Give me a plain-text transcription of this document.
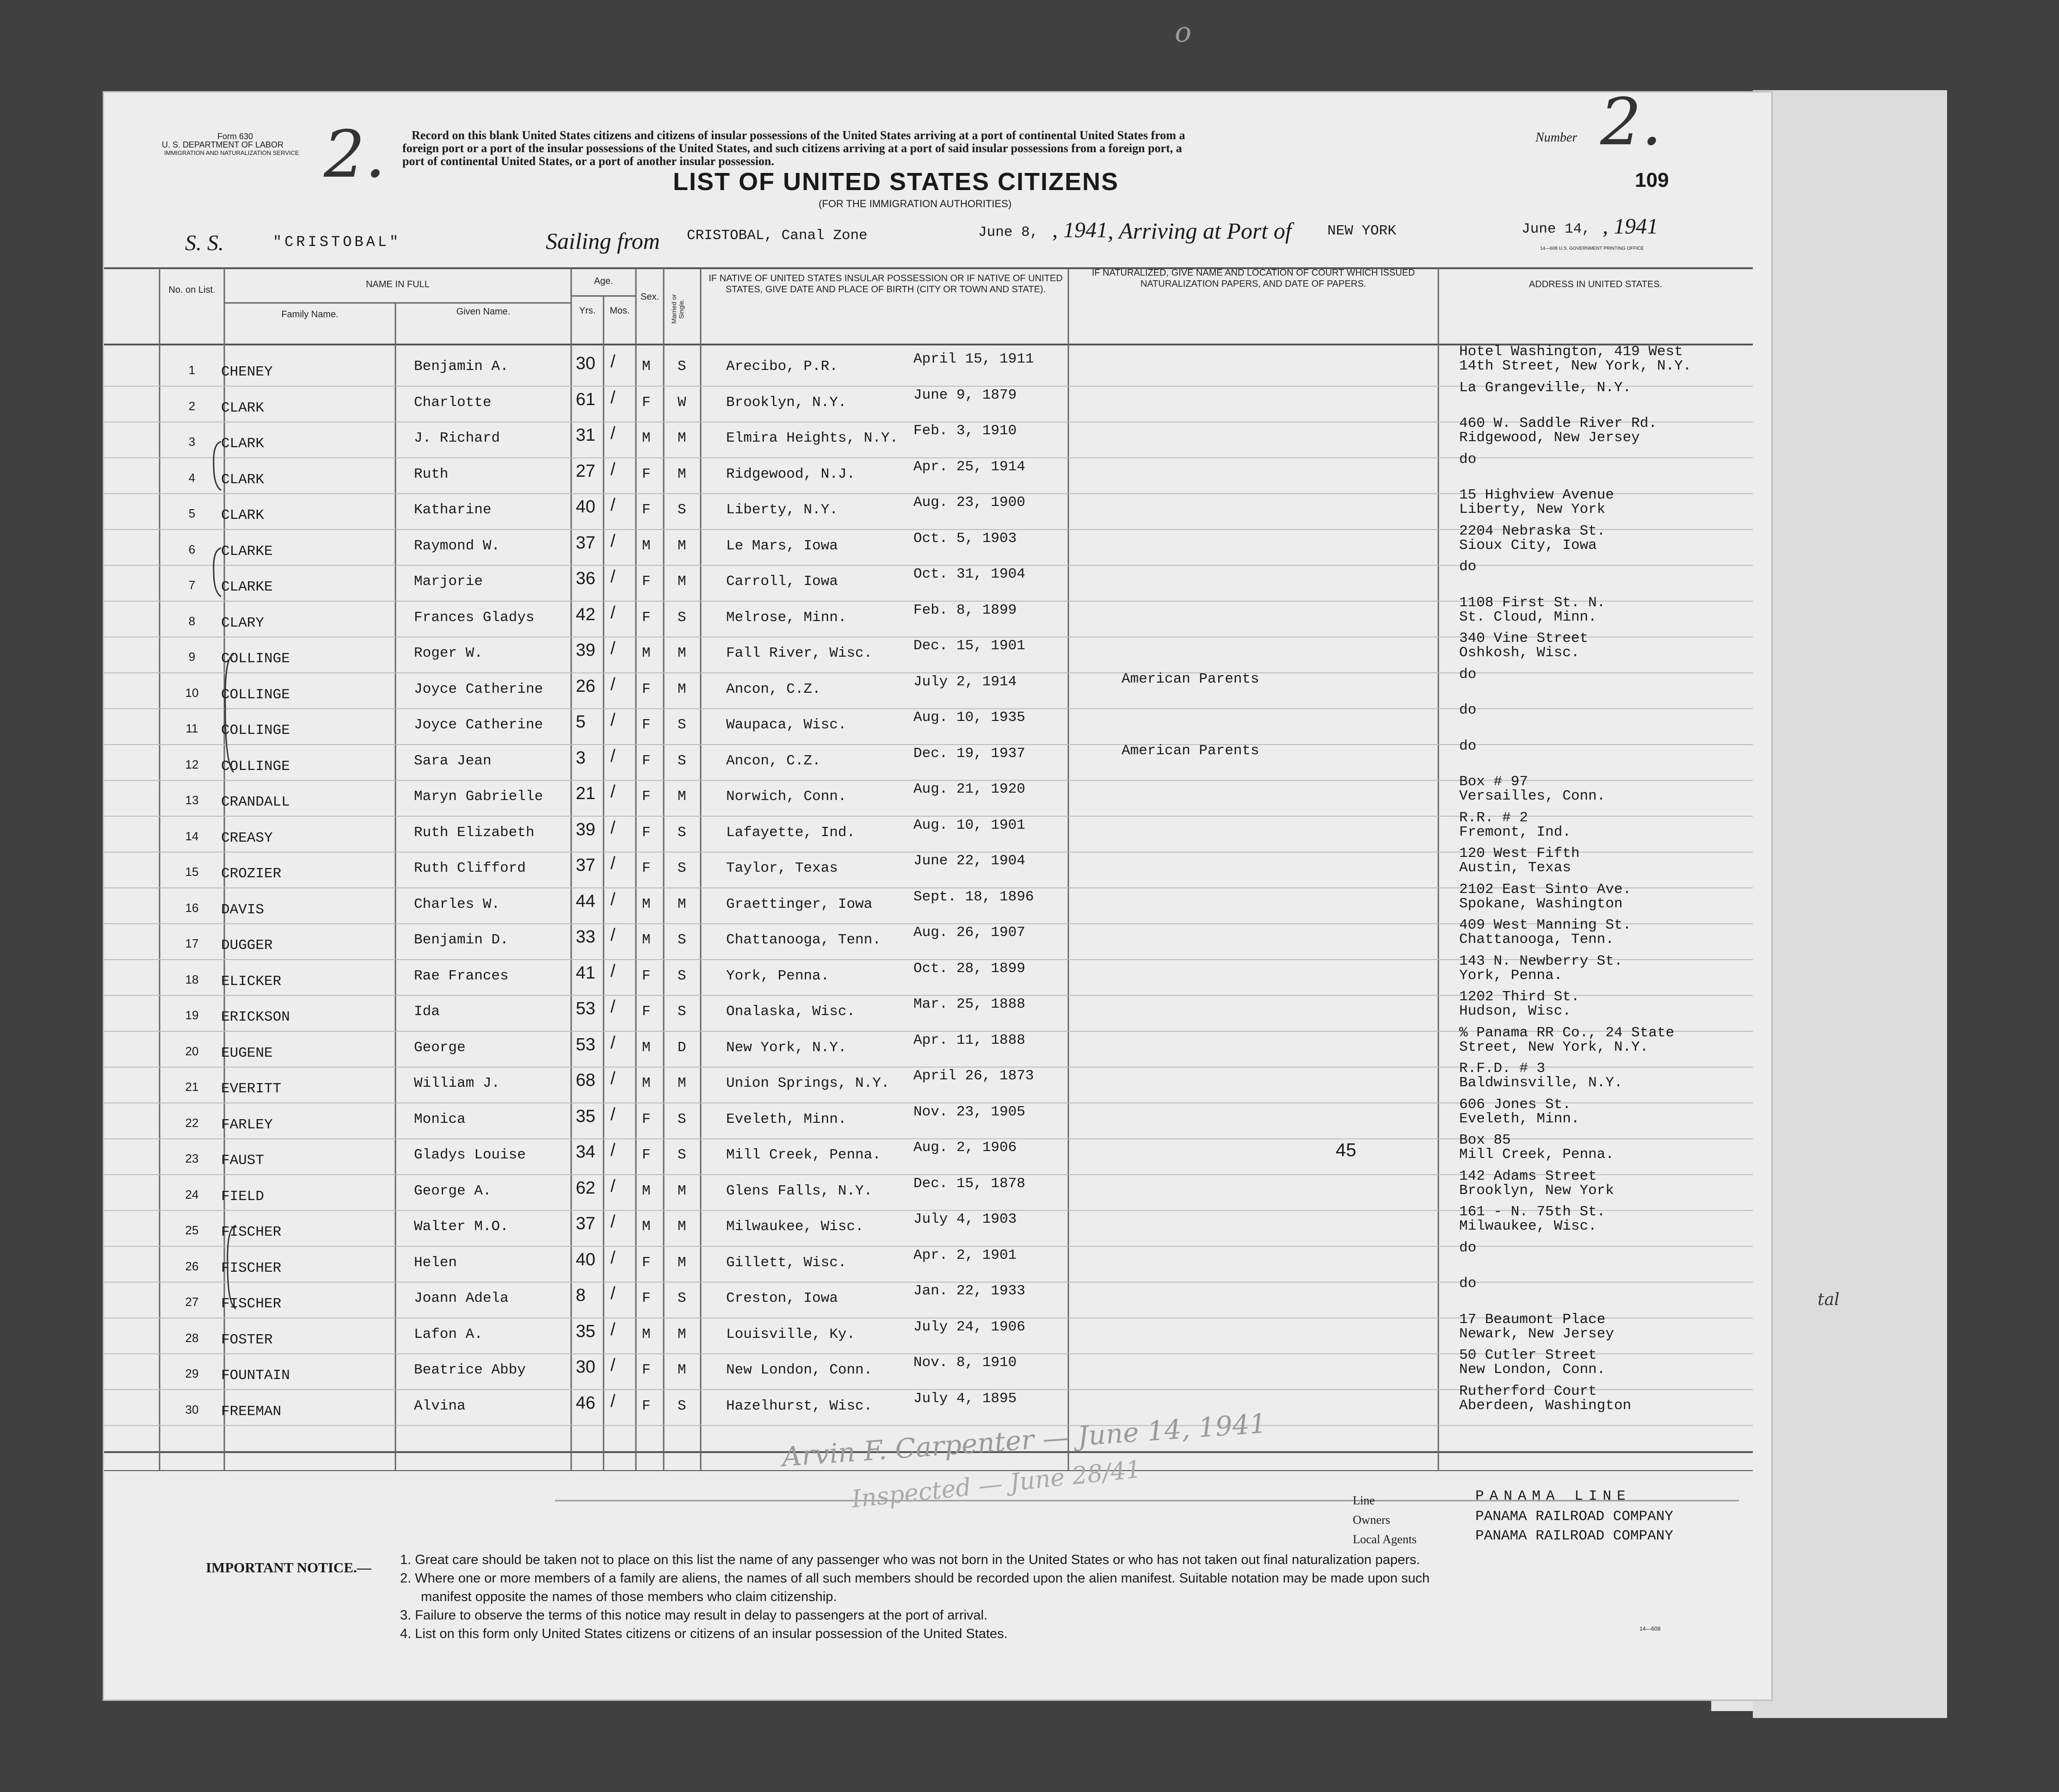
Form 630
U. S. DEPARTMENT OF LABOR
IMMIGRATION AND NATURALIZATION SERVICE 2. Record on this blank United States citizens and citizens of insular possessions of the United States arriving at a port of continental United States from a
foreign port or a port of the insular possessions of the United States, and such citizens arriving at a port of said insular possessions from a foreign port, a
port of continental United States, or a port of another insular possession.
Number 2.
o
LIST OF UNITED STATES CITIZENS
(FOR THE IMMIGRATION AUTHORITIES)
109
S. S.	"CRISTOBAL"	Sailing from CRISTOBAL, Canal Zone	June 8, , 1941 , Arriving at Port of NEW YORK	June 14, , 1941
14—608 U.S. GOVERNMENT PRINTING OFFICE
No. on List.
NAME IN FULL
Family Name.	Given Name.
Age.
Yrs.	Mos.
Sex.	Married or Single.
IF NATIVE OF UNITED STATES INSULAR POSSESSION OR IF NATIVE OF UNITED STATES, GIVE DATE AND PLACE OF BIRTH (CITY OR TOWN AND STATE).
IF NATURALIZED, GIVE NAME AND LOCATION OF COURT WHICH ISSUED NATURALIZATION PAPERS, AND DATE OF PAPERS.	ADDRESS IN UNITED STATES.
1	CHENEY	Benjamin A.	30 / M S	Arecibo, P.R.	April 15, 1911	Hotel Washington, 419 West
14th Street, New York, N.Y.
2	CLARK	Charlotte	61 / F W	Brooklyn, N.Y.	June 9, 1879	La Grangeville, N.Y.
3	CLARK	J. Richard	31 / M M	Elmira Heights, N.Y. Feb. 3, 1910	460 W. Saddle River Rd.
Ridgewood, New Jersey
4	CLARK	Ruth	27 / F M	Ridgewood, N.J.	Apr. 25, 1914	do
5	CLARK	Katharine	40 / F S	Liberty, N.Y.	Aug. 23, 1900	15 Highview Avenue
Liberty, New York
6	CLARKE	Raymond W.	37 / M M	Le Mars, Iowa	Oct. 5, 1903	2204 Nebraska St.
Sioux City, Iowa
7	CLARKE	Marjorie	36 / F M	Carroll, Iowa	Oct. 31, 1904	do
8	CLARY	Frances Gladys 42 / F S	Melrose, Minn.	Feb. 8, 1899	1108 First St. N.
St. Cloud, Minn.
9	COLLINGE	Roger W.	39 / M M	Fall River, Wisc.	Dec. 15, 1901	340 Vine Street
Oshkosh, Wisc.
10	COLLINGE	Joyce Catherine 26 / F M	Ancon, C.Z.	July 2, 1914	American Parents	do
11	COLLINGE	Joyce Catherine 5 / F S	Waupaca, Wisc.	Aug. 10, 1935	do
12	COLLINGE	Sara Jean	3 / F S	Ancon, C.Z.	Dec. 19, 1937	American Parents	do
13	CRANDALL	Maryn Gabrielle 21 / F M	Norwich, Conn.	Aug. 21, 1920	Box # 97
Versailles, Conn.
14	CREASY	Ruth Elizabeth 39 / F S	Lafayette, Ind.	Aug. 10, 1901	R.R. # 2
Fremont, Ind.
15	CROZIER	Ruth Clifford	37 / F S	Taylor, Texas	June 22, 1904	120 West Fifth
Austin, Texas
16	DAVIS	Charles W.	44 / M M	Graettinger, Iowa	Sept. 18, 1896	2102 East Sinto Ave.
Spokane, Washington
17	DUGGER	Benjamin D.	33 / M S	Chattanooga, Tenn. Aug. 26, 1907	409 West Manning St.
Chattanooga, Tenn.
18	ELICKER	Rae Frances	41 / F S	York, Penna.	Oct. 28, 1899	143 N. Newberry St.
York, Penna.
19	ERICKSON	Ida	53 / F S	Onalaska, Wisc.	Mar. 25, 1888	1202 Third St.
Hudson, Wisc.
20	EUGENE	George	53 / M D	New York, N.Y.	Apr. 11, 1888	% Panama RR Co., 24 State
Street, New York, N.Y.
21	EVERITT	William J.	68 / M M	Union Springs, N.Y. April 26, 1873	R.F.D. # 3
Baldwinsville, N.Y.
22	FARLEY	Monica	35 / F S	Eveleth, Minn.	Nov. 23, 1905	606 Jones St.
Eveleth, Minn.
23	FAUST	Gladys Louise	34 / F S	Mill Creek, Penna. Aug. 2, 1906	Box 85
Mill Creek, Penna.
24	FIELD	George A.	62 / M M	Glens Falls, N.Y.	Dec. 15, 1878	142 Adams Street
Brooklyn, New York
25	FISCHER	Walter M.O.	37 / M M	Milwaukee, Wisc.	July 4, 1903	161 - N. 75th St.
Milwaukee, Wisc.
26	FISCHER	Helen	40 / F M	Gillett, Wisc.	Apr. 2, 1901	do
27	FISCHER	Joann Adela	8 / F S	Creston, Iowa	Jan. 22, 1933	do
28	FOSTER	Lafon A.	35 / M M	Louisville, Ky.	July 24, 1906	17 Beaumont Place
Newark, New Jersey
29	FOUNTAIN	Beatrice Abby	30 / F M	New London, Conn.	Nov. 8, 1910	50 Cutler Street
New London, Conn.
30	FREEMAN	Alvina	46 / F S	Hazelhurst, Wisc.	July 4, 1895	Rutherford Court
Aberdeen, Washington
45
Arvin F. Carpenter — June 14, 1941
Inspected — June 28/41
tal
Line	PANAMA LINE
Owners	PANAMA RAILROAD COMPANY
Local Agents	PANAMA RAILROAD COMPANY
IMPORTANT NOTICE.— 1. Great care should be taken not to place on this list the name of any passenger who was not born in the United States or who has not taken out final naturalization papers.
2. Where one or more members of a family are aliens, the names of all such members should be recorded upon the alien manifest. Suitable notation may be made upon such
manifest opposite the names of those members who claim citizenship.
3. Failure to observe the terms of this notice may result in delay to passengers at the port of arrival.
4. List on this form only United States citizens or citizens of an insular possession of the United States.	14—608
